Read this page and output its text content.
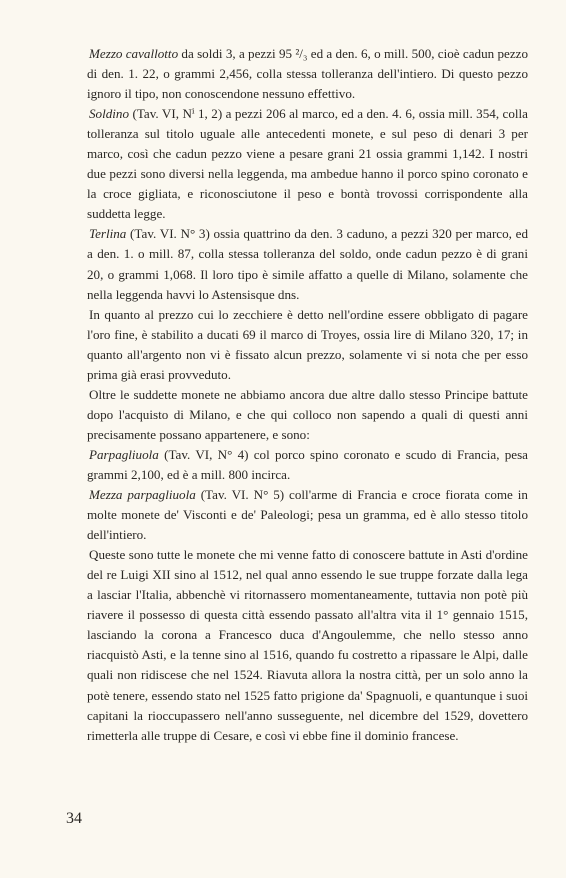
Mezzo cavallotto da soldi 3, a pezzi 95 ²/₃ ed a den. 6, o mill. 500, cioè cadun pezzo di den. 1. 22, o grammi 2,456, colla stessa tolleranza dell'intiero. Di questo pezzo ignoro il tipo, non conoscendone nessuno effettivo.

Soldino (Tav. VI, Nⁱ 1, 2) a pezzi 206 al marco, ed a den. 4. 6, ossia mill. 354, colla tolleranza sul titolo uguale alle antecedenti monete, e sul peso di denari 3 per marco, così che cadun pezzo viene a pesare grani 21 ossia grammi 1,142. I nostri due pezzi sono diversi nella leggenda, ma ambedue hanno il porco spino coronato e la croce gigliata, e riconosciutone il peso e bontà trovossi corrispondente alla suddetta legge.

Terlina (Tav. VI. N° 3) ossia quattrino da den. 3 caduno, a pezzi 320 per marco, ed a den. 1. o mill. 87, colla stessa tolleranza del soldo, onde cadun pezzo è di grani 20, o grammi 1,068. Il loro tipo è simile affatto a quelle di Milano, solamente che nella leggenda havvi lo Astensisque dns.

In quanto al prezzo cui lo zecchiere è detto nell'ordine essere obbligato di pagare l'oro fine, è stabilito a ducati 69 il marco di Troyes, ossia lire di Milano 320, 17; in quanto all'argento non vi è fissato alcun prezzo, solamente vi si nota che per esso prima già erasi provveduto.

Oltre le suddette monete ne abbiamo ancora due altre dallo stesso Principe battute dopo l'acquisto di Milano, e che qui colloco non sapendo a quali di questi anni precisamente possano appartenere, e sono:

Parpagliuola (Tav. VI, N° 4) col porco spino coronato e scudo di Francia, pesa grammi 2,100, ed è a mill. 800 incirca.

Mezza parpagliuola (Tav. VI. N° 5) coll'arme di Francia e croce fiorata come in molte monete de' Visconti e de' Paleologi; pesa un gramma, ed è allo stesso titolo dell'intiero.

Queste sono tutte le monete che mi venne fatto di conoscere battute in Asti d'ordine del re Luigi XII sino al 1512, nel qual anno essendo le sue truppe forzate dalla lega a lasciar l'Italia, abbenchè vi ritornassero momentaneamente, tuttavia non potè più riavere il possesso di questa città essendo passato all'altra vita il 1° gennaio 1515, lasciando la corona a Francesco duca d'Angoulemme, che nello stesso anno riacquistò Asti, e la tenne sino al 1516, quando fu costretto a ripassare le Alpi, dalle quali non ridiscese che nel 1524. Riavuta allora la nostra città, per un solo anno la potè tenere, essendo stato nel 1525 fatto prigione da' Spagnuoli, e quantunque i suoi capitani la rioccupassero nell'anno susseguente, nel dicembre del 1529, dovettero rimetterla alle truppe di Cesare, e così vi ebbe fine il dominio francese.

34
